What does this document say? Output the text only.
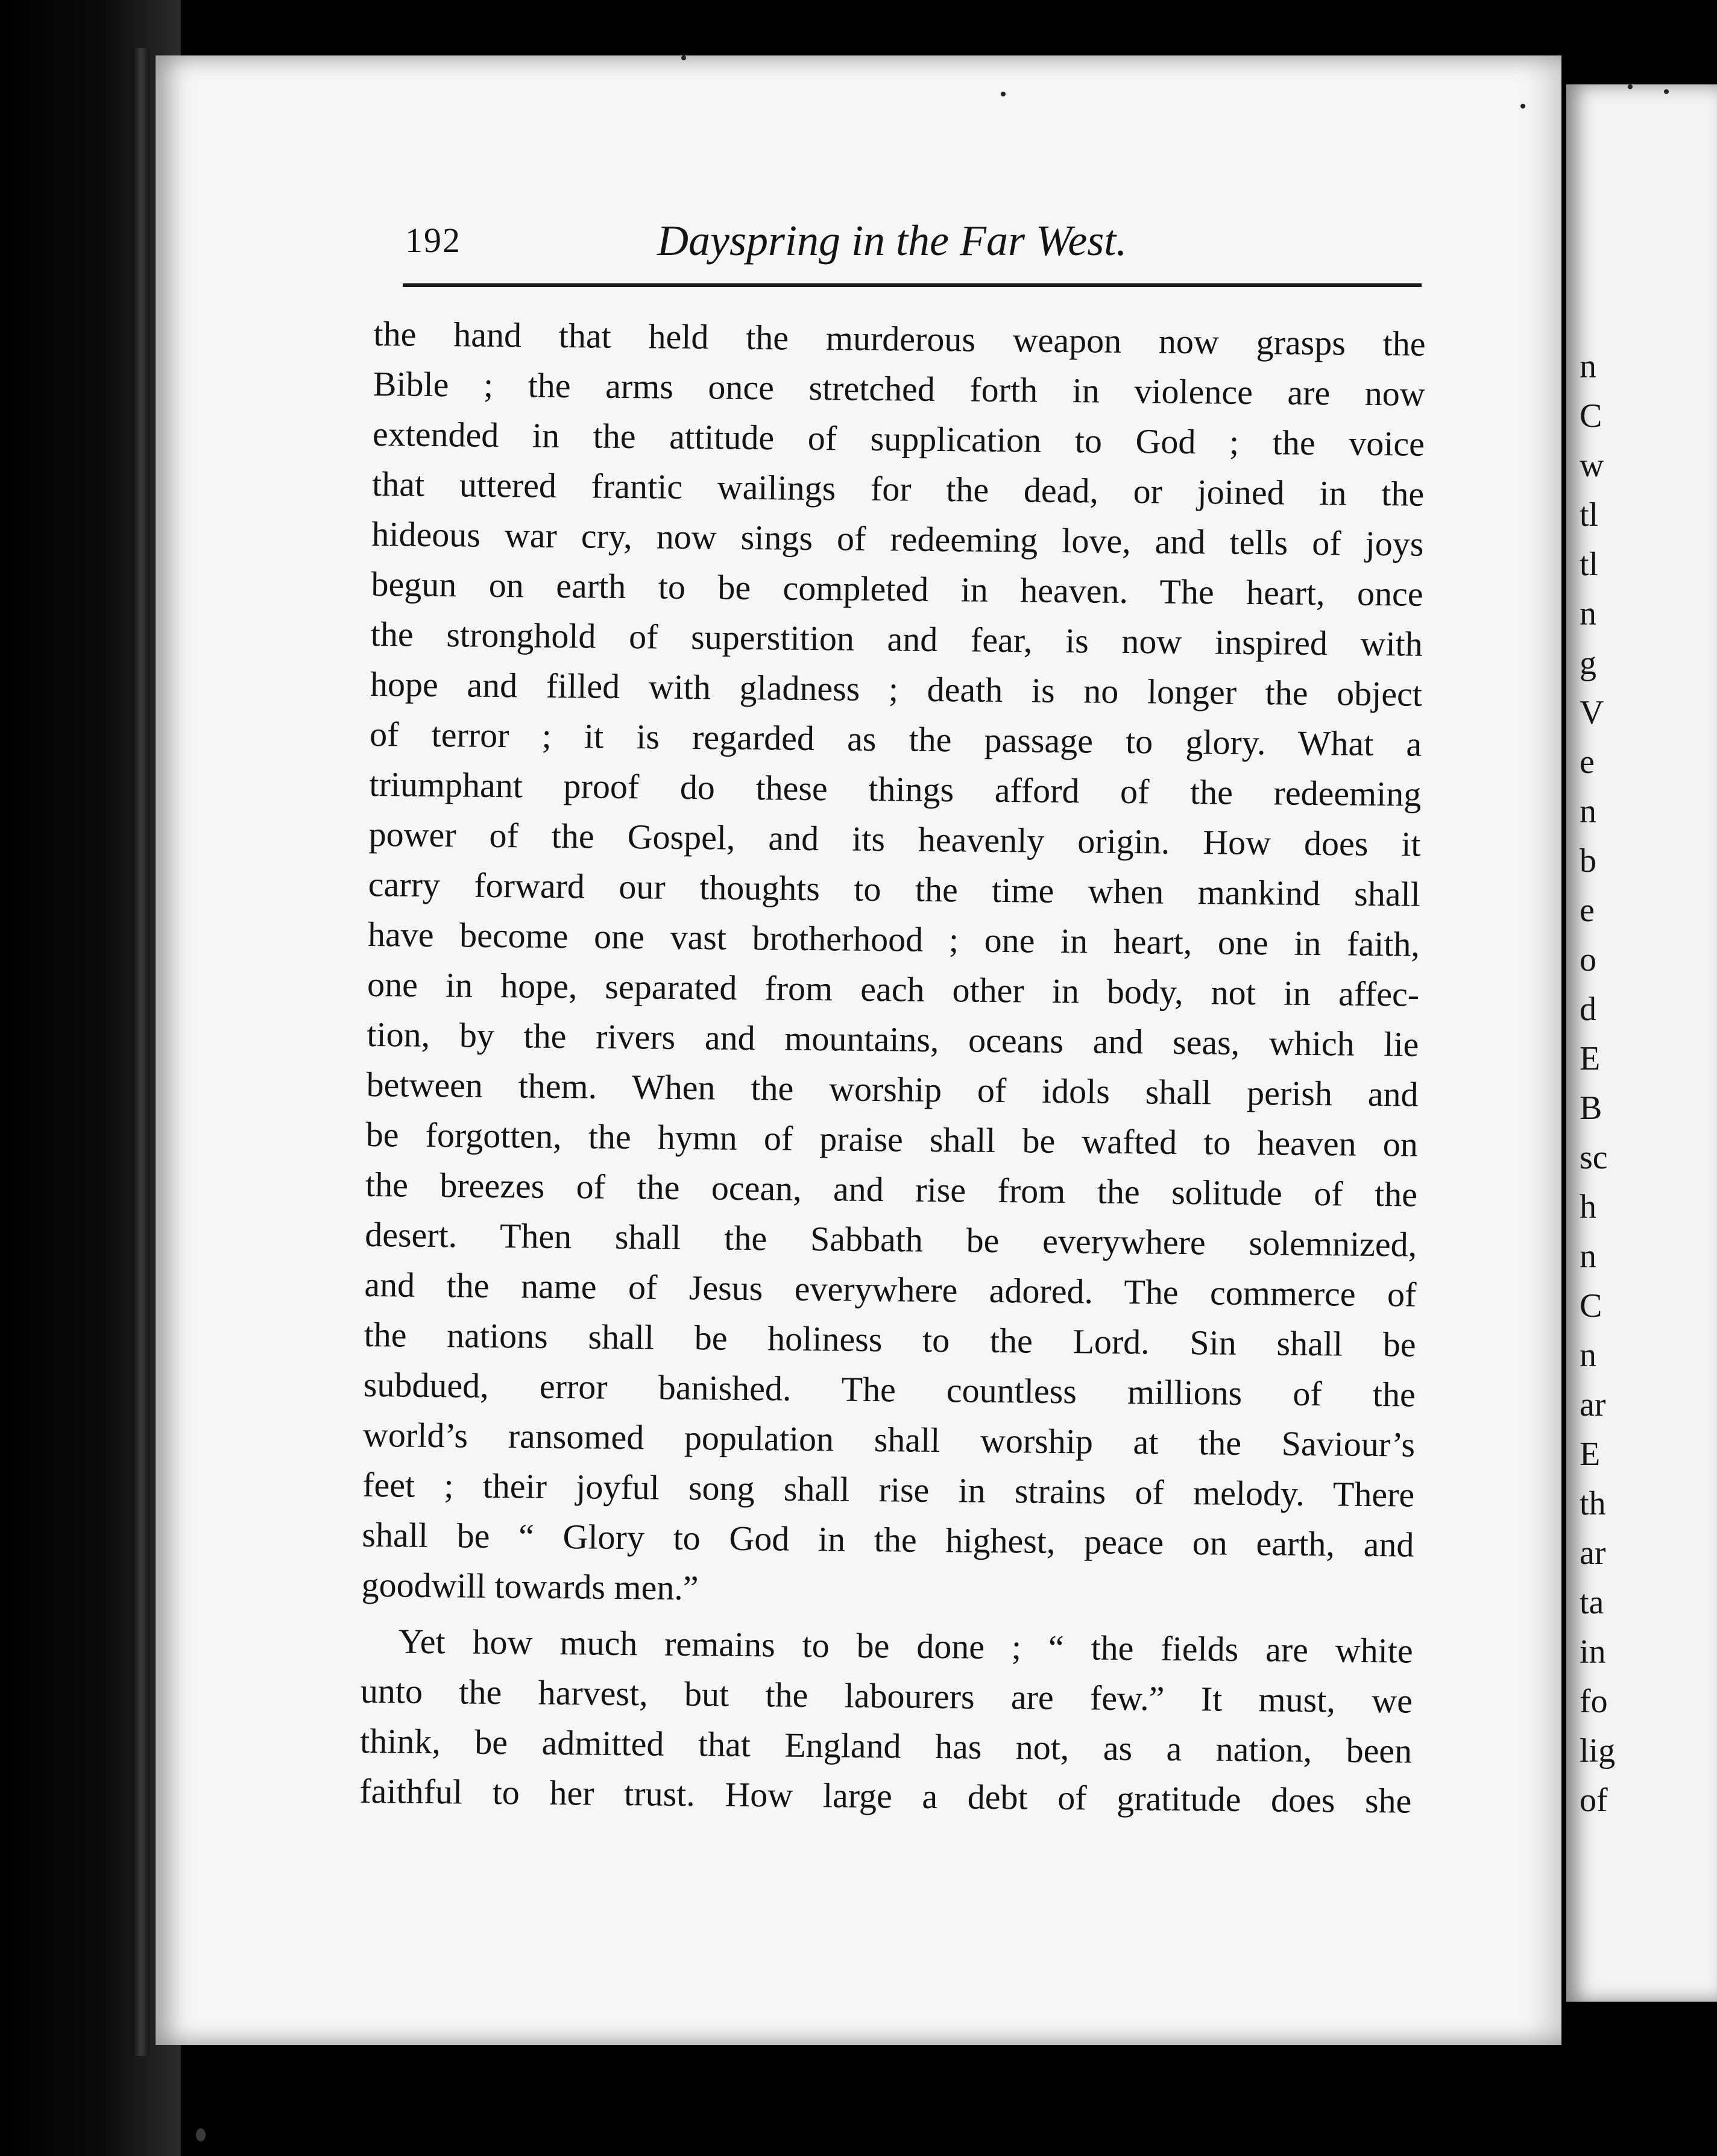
n
C
w
tl
tl
n
g
V
e
n
b
e
o
d
E
B
sc
h
n
C
n
ar
E
th
ar
ta
in
fo
lig
of
192	Dayspring in the Far West.
the hand that held the murderous weapon now grasps the
Bible ; the arms once stretched forth in violence are now
extended in the attitude of supplication to God ; the voice
that uttered frantic wailings for the dead, or joined in the
hideous war cry, now sings of redeeming love, and tells of joys
begun on earth to be completed in heaven. The heart, once
the stronghold of superstition and fear, is now inspired with
hope and filled with gladness ; death is no longer the object
of terror ; it is regarded as the passage to glory. What a
triumphant proof do these things afford of the redeeming
power of the Gospel, and its heavenly origin. How does it
carry forward our thoughts to the time when mankind shall
have become one vast brotherhood ; one in heart, one in faith,
one in hope, separated from each other in body, not in affec-
tion, by the rivers and mountains, oceans and seas, which lie
between them. When the worship of idols shall perish and
be forgotten, the hymn of praise shall be wafted to heaven on
the breezes of the ocean, and rise from the solitude of the
desert. Then shall the Sabbath be everywhere solemnized,
and the name of Jesus everywhere adored. The commerce of
the nations shall be holiness to the Lord. Sin shall be
subdued, error banished. The countless millions of the
world’s ransomed population shall worship at the Saviour’s
feet ; their joyful song shall rise in strains of melody. There
shall be “ Glory to God in the highest, peace on earth, and
goodwill towards men.”
Yet how much remains to be done ; “ the fields are white
unto the harvest, but the labourers are few.” It must, we
think, be admitted that England has not, as a nation, been
faithful to her trust. How large a debt of gratitude does she
